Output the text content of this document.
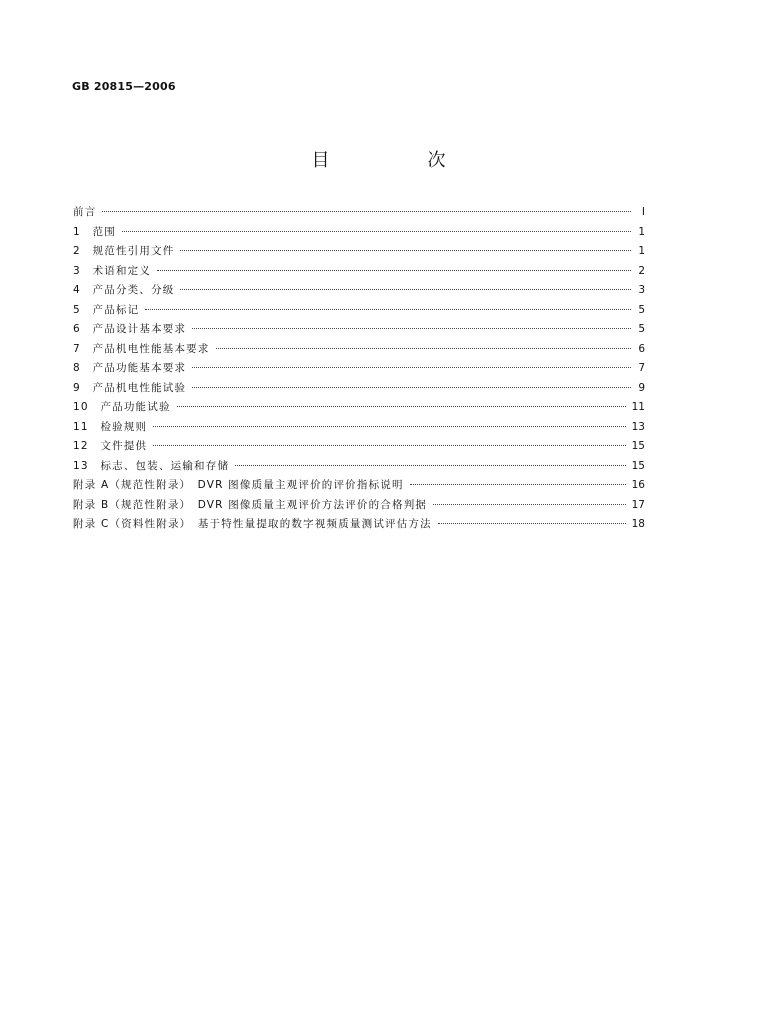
GB 20815—2006
目　次
前言	I
1　范围	1
2　规范性引用文件	1
3　术语和定义	2
4　产品分类、分级	3
5　产品标记	5
6　产品设计基本要求	5
7　产品机电性能基本要求	6
8　产品功能基本要求	7
9　产品机电性能试验	9
10　产品功能试验	11
11　检验规则	13
12　文件提供	15
13　标志、包装、运输和存储	15
附录 A（规范性附录）　DVR 图像质量主观评价的评价指标说明	16
附录 B（规范性附录）　DVR 图像质量主观评价方法评价的合格判据	17
附录 C（资料性附录）　基于特性量提取的数字视频质量测试评估方法	18
